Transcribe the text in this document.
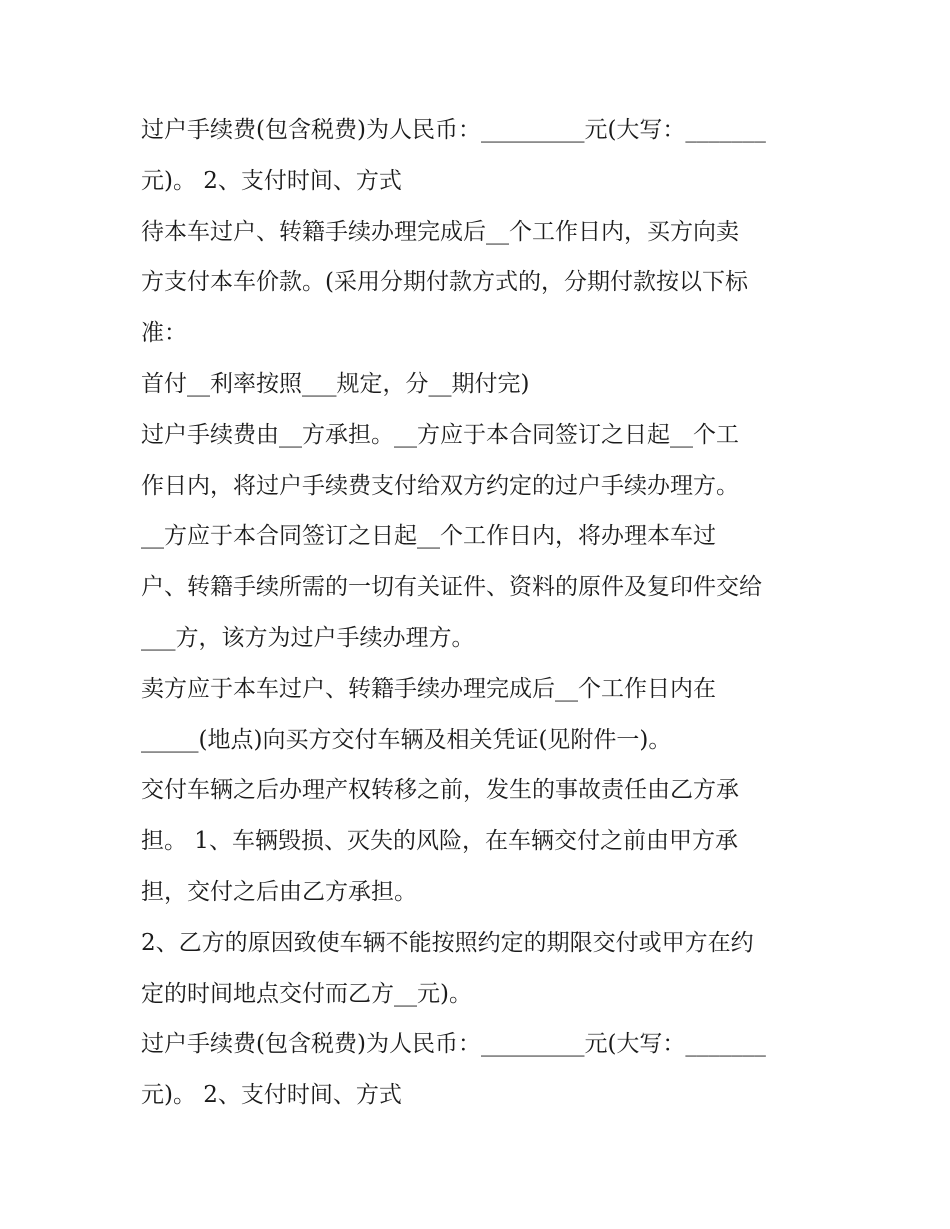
过户手续费(包含税费)为人民币：_________元(大写：_______
元)。 2、支付时间、方式
待本车过户、转籍手续办理完成后__个工作日内，买方向卖
方支付本车价款。(采用分期付款方式的，分期付款按以下标
准：
首付__利率按照___规定，分__期付完)
过户手续费由__方承担。__方应于本合同签订之日起__个工
作日内，将过户手续费支付给双方约定的过户手续办理方。
__方应于本合同签订之日起__个工作日内，将办理本车过
户、转籍手续所需的一切有关证件、资料的原件及复印件交给
___方，该方为过户手续办理方。
卖方应于本车过户、转籍手续办理完成后__个工作日内在
_____(地点)向买方交付车辆及相关凭证(见附件一)。
交付车辆之后办理产权转移之前，发生的事故责任由乙方承
担。 1、车辆毁损、灭失的风险，在车辆交付之前由甲方承
担，交付之后由乙方承担。
2、乙方的原因致使车辆不能按照约定的期限交付或甲方在约
定的时间地点交付而乙方__元)。
过户手续费(包含税费)为人民币：_________元(大写：_______
元)。 2、支付时间、方式
